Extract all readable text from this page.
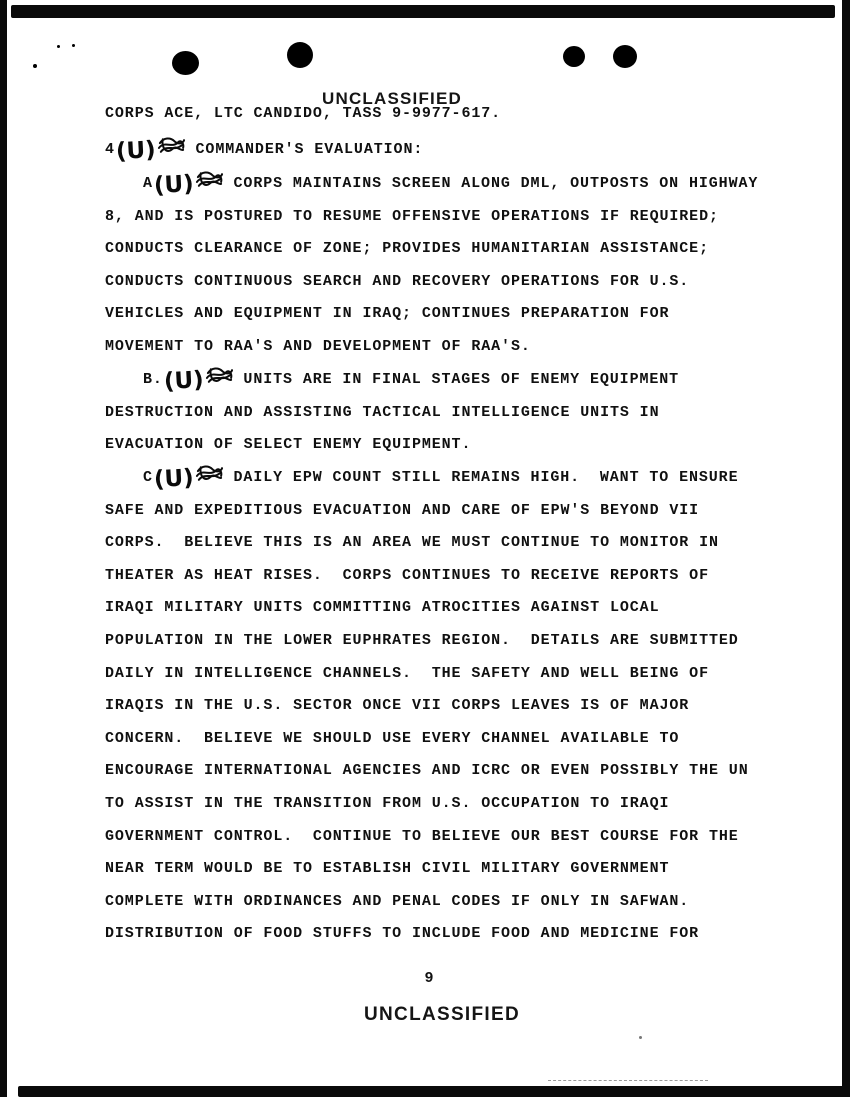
UNCLASSIFIED
CORPS ACE, LTC CANDIDO, TASS 9-9977-617.
4(U) COMMANDER'S EVALUATION:
A(U) CORPS MAINTAINS SCREEN ALONG DML, OUTPOSTS ON HIGHWAY
8, AND IS POSTURED TO RESUME OFFENSIVE OPERATIONS IF REQUIRED;
CONDUCTS CLEARANCE OF ZONE; PROVIDES HUMANITARIAN ASSISTANCE;
CONDUCTS CONTINUOUS SEARCH AND RECOVERY OPERATIONS FOR U.S.
VEHICLES AND EQUIPMENT IN IRAQ; CONTINUES PREPARATION FOR
MOVEMENT TO RAA'S AND DEVELOPMENT OF RAA'S.
B.(U) UNITS ARE IN FINAL STAGES OF ENEMY EQUIPMENT
DESTRUCTION AND ASSISTING TACTICAL INTELLIGENCE UNITS IN
EVACUATION OF SELECT ENEMY EQUIPMENT.
C(U) DAILY EPW COUNT STILL REMAINS HIGH.  WANT TO ENSURE
SAFE AND EXPEDITIOUS EVACUATION AND CARE OF EPW'S BEYOND VII
CORPS.  BELIEVE THIS IS AN AREA WE MUST CONTINUE TO MONITOR IN
THEATER AS HEAT RISES.  CORPS CONTINUES TO RECEIVE REPORTS OF
IRAQI MILITARY UNITS COMMITTING ATROCITIES AGAINST LOCAL
POPULATION IN THE LOWER EUPHRATES REGION.  DETAILS ARE SUBMITTED
DAILY IN INTELLIGENCE CHANNELS.  THE SAFETY AND WELL BEING OF
IRAQIS IN THE U.S. SECTOR ONCE VII CORPS LEAVES IS OF MAJOR
CONCERN.  BELIEVE WE SHOULD USE EVERY CHANNEL AVAILABLE TO
ENCOURAGE INTERNATIONAL AGENCIES AND ICRC OR EVEN POSSIBLY THE UN
TO ASSIST IN THE TRANSITION FROM U.S. OCCUPATION TO IRAQI
GOVERNMENT CONTROL.  CONTINUE TO BELIEVE OUR BEST COURSE FOR THE
NEAR TERM WOULD BE TO ESTABLISH CIVIL MILITARY GOVERNMENT
COMPLETE WITH ORDINANCES AND PENAL CODES IF ONLY IN SAFWAN.
DISTRIBUTION OF FOOD STUFFS TO INCLUDE FOOD AND MEDICINE FOR
9
UNCLASSIFIED
